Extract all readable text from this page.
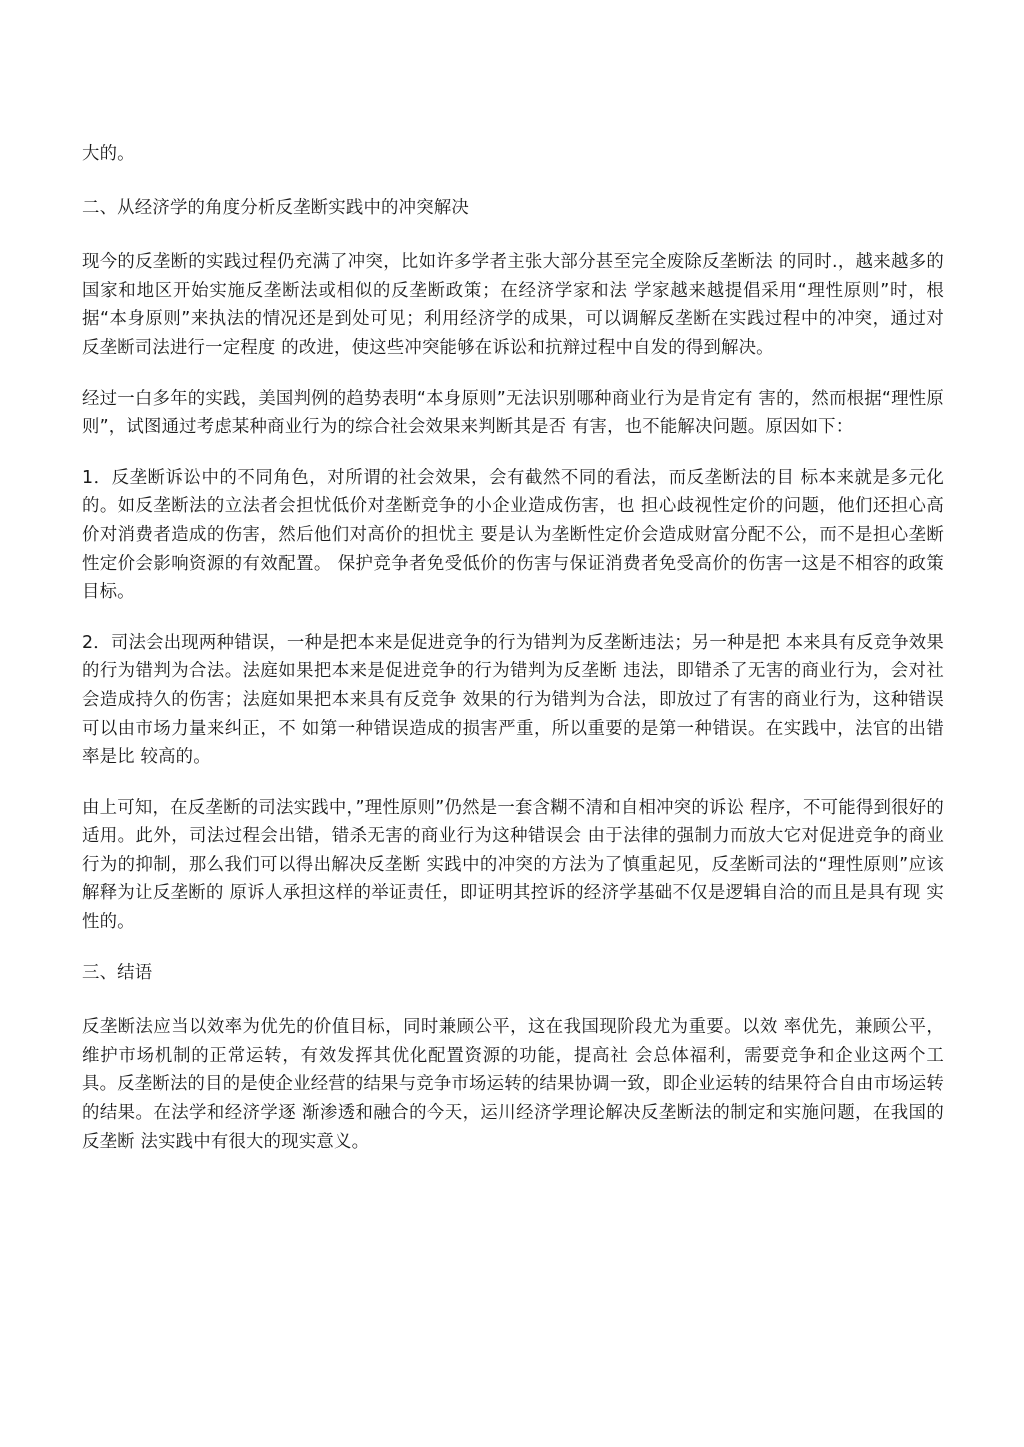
大的。

二、从经济学的角度分析反垄断实践中的冲突解决

现今的反垄断的实践过程仍充满了冲突，比如许多学者主张大部分甚至完全废除反垄断法 的同时.，越来越多的国家和地区开始实施反垄断法或相似的反垄断政策；在经济学家和法 学家越来越提倡采用“理性原则”时，根据“本身原则”来执法的情况还是到处可见；利用经济学的成果，可以调解反垄断在实践过程中的冲突，通过对反垄断司法进行一定程度 的改进，使这些冲突能够在诉讼和抗辩过程中自发的得到解决。

经过一白多年的实践，美国判例的趋势表明“本身原则”无法识别哪种商业行为是肯定有 害的，然而根据“理性原则”，试图通过考虑某种商业行为的综合社会效果来判断其是否 有害，也不能解决问题。原因如下：

1．反垄断诉讼中的不同角色，对所谓的社会效果，会有截然不同的看法，而反垄断法的目 标本来就是多元化的。如反垄断法的立法者会担忧低价对垄断竞争的小企业造成伤害，也 担心歧视性定价的问题，他们还担心高价对消费者造成的伤害，然后他们对高价的担忧主 要是认为垄断性定价会造成财富分配不公，而不是担心垄断性定价会影响资源的有效配置。 保护竞争者免受低价的伤害与保证消费者免受高价的伤害一这是不相容的政策目标。

2．司法会出现两种错误，一种是把本来是促进竞争的行为错判为反垄断违法；另一种是把 本来具有反竞争效果的行为错判为合法。法庭如果把本来是促进竞争的行为错判为反垄断 违法，即错杀了无害的商业行为，会对社会造成持久的伤害；法庭如果把本来具有反竞争 效果的行为错判为合法，即放过了有害的商业行为，这种错误可以由市场力量来纠正，不 如第一种错误造成的损害严重，所以重要的是第一种错误。在实践中，法官的出错率是比 较高的。

由上可知，在反垄断的司法实践中，”理性原则”仍然是一套含糊不清和自相冲突的诉讼 程序，不可能得到很好的适用。此外，司法过程会出错，错杀无害的商业行为这种错误会 由于法律的强制力而放大它对促进竞争的商业行为的抑制，那么我们可以得出解决反垄断 实践中的冲突的方法为了慎重起见，反垄断司法的“理性原则”应该解释为让反垄断的 原诉人承担这样的举证责任，即证明其控诉的经济学基础不仅是逻辑自洽的而且是具有现 实性的。

三、结语

反垄断法应当以效率为优先的价值目标，同时兼顾公平，这在我国现阶段尤为重要。以效 率优先，兼顾公平，维护市场机制的正常运转，有效发挥其优化配置资源的功能，提高社 会总体福利，需要竞争和企业这两个工具。反垄断法的目的是使企业经营的结果与竞争市场运转的结果协调一致，即企业运转的结果符合自由市场运转的结果。在法学和经济学逐 渐渗透和融合的今天，运川经济学理论解决反垄断法的制定和实施问题，在我国的反垄断 法实践中有很大的现实意义。
